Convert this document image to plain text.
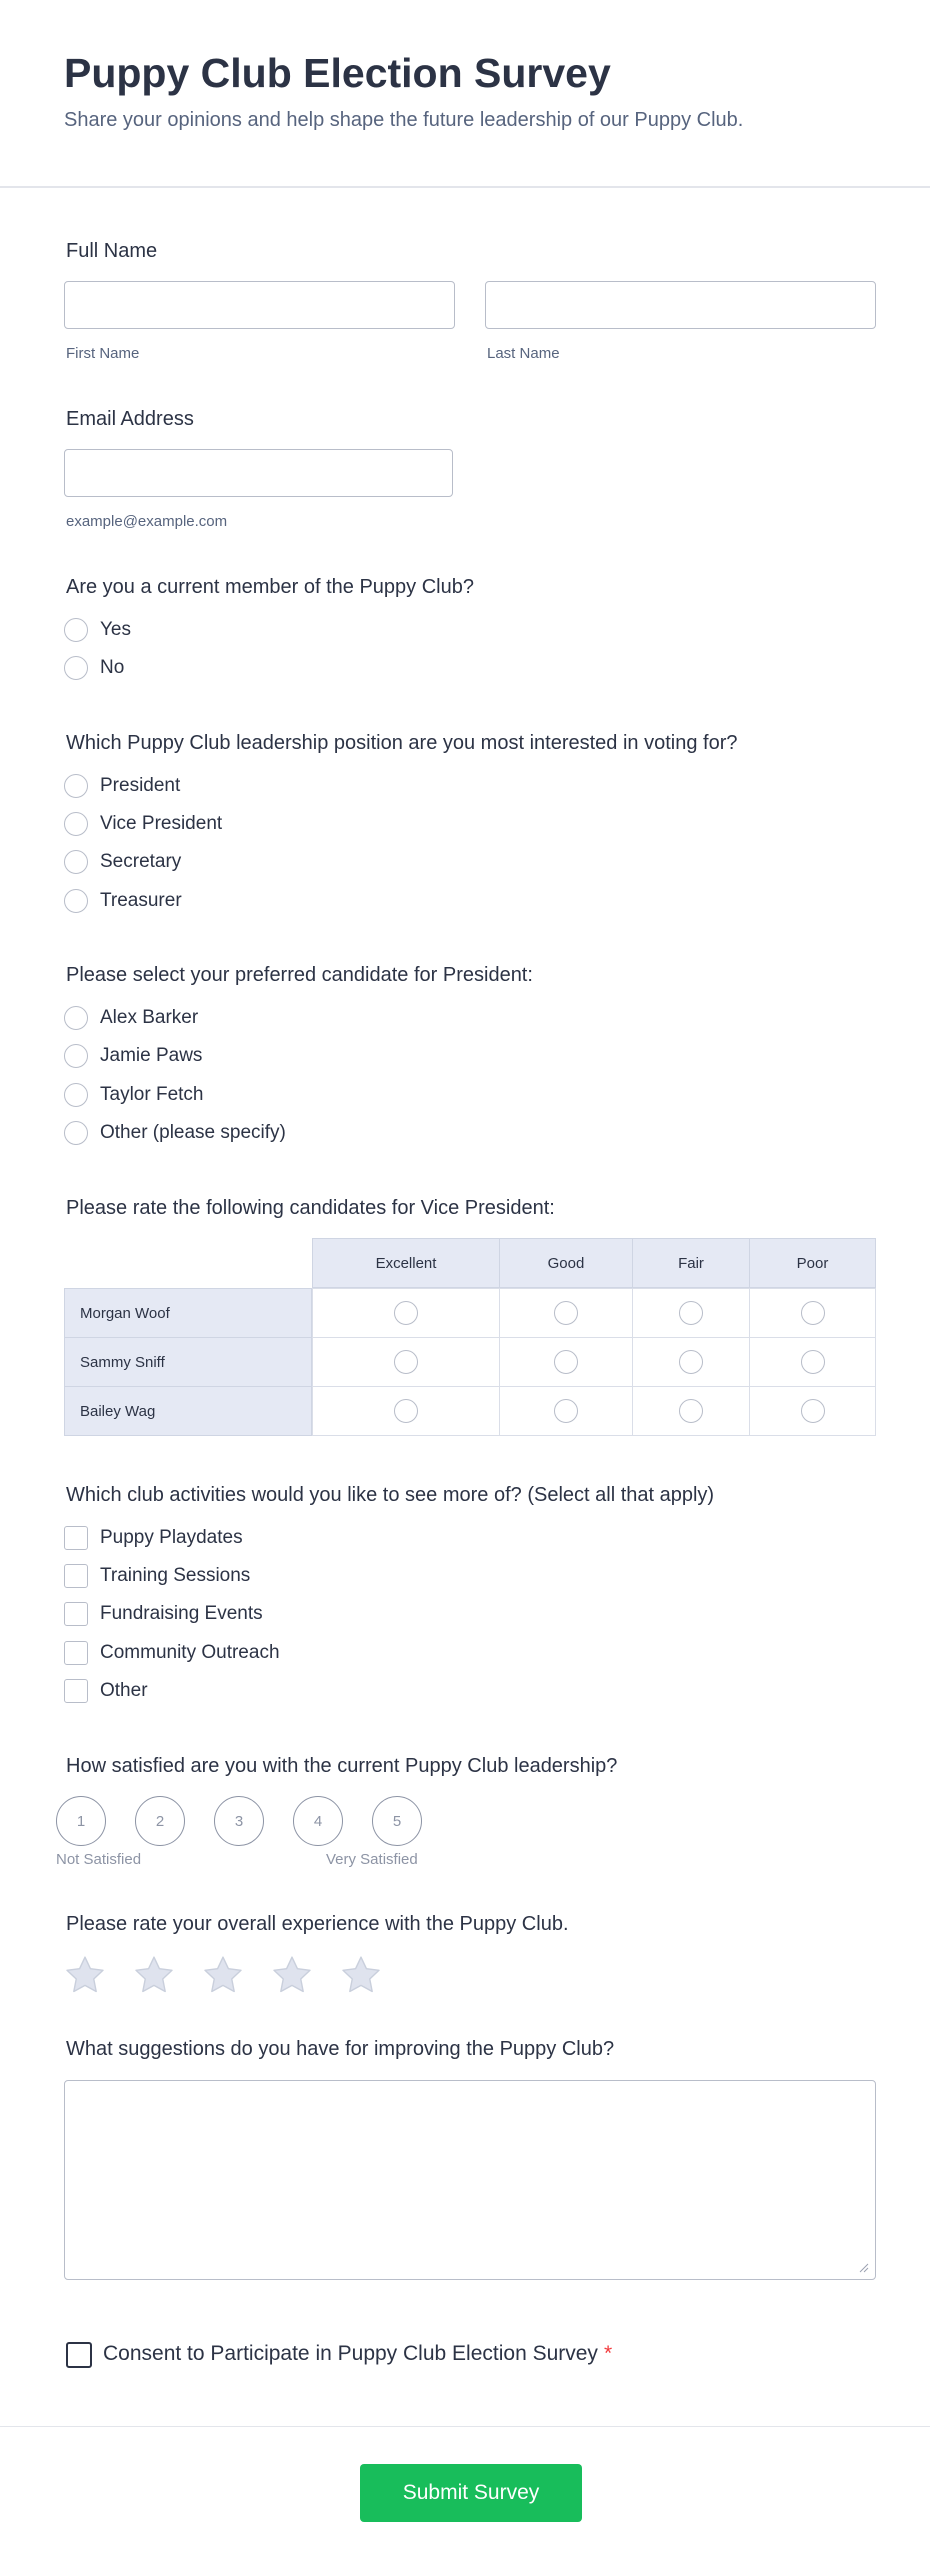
Puppy Club Election Survey
Share your opinions and help shape the future leadership of our Puppy Club.
Full Name
First Name	Last Name
Email Address
example@example.com
Are you a current member of the Puppy Club?
Yes
No
Which Puppy Club leadership position are you most interested in voting for?
President
Vice President
Secretary
Treasurer
Please select your preferred candidate for President:
Alex Barker
Jamie Paws
Taylor Fetch
Other (please specify)
Please rate the following candidates for Vice President:
Excellent	Good	Fair	Poor
Morgan Woof
Sammy Sniff
Bailey Wag
Which club activities would you like to see more of? (Select all that apply)
Puppy Playdates
Training Sessions
Fundraising Events
Community Outreach
Other
How satisfied are you with the current Puppy Club leadership?
1	2	3	4	5
Not Satisfied	Very Satisfied
Please rate your overall experience with the Puppy Club.
What suggestions do you have for improving the Puppy Club?
Consent to Participate in Puppy Club Election Survey *
Submit Survey
